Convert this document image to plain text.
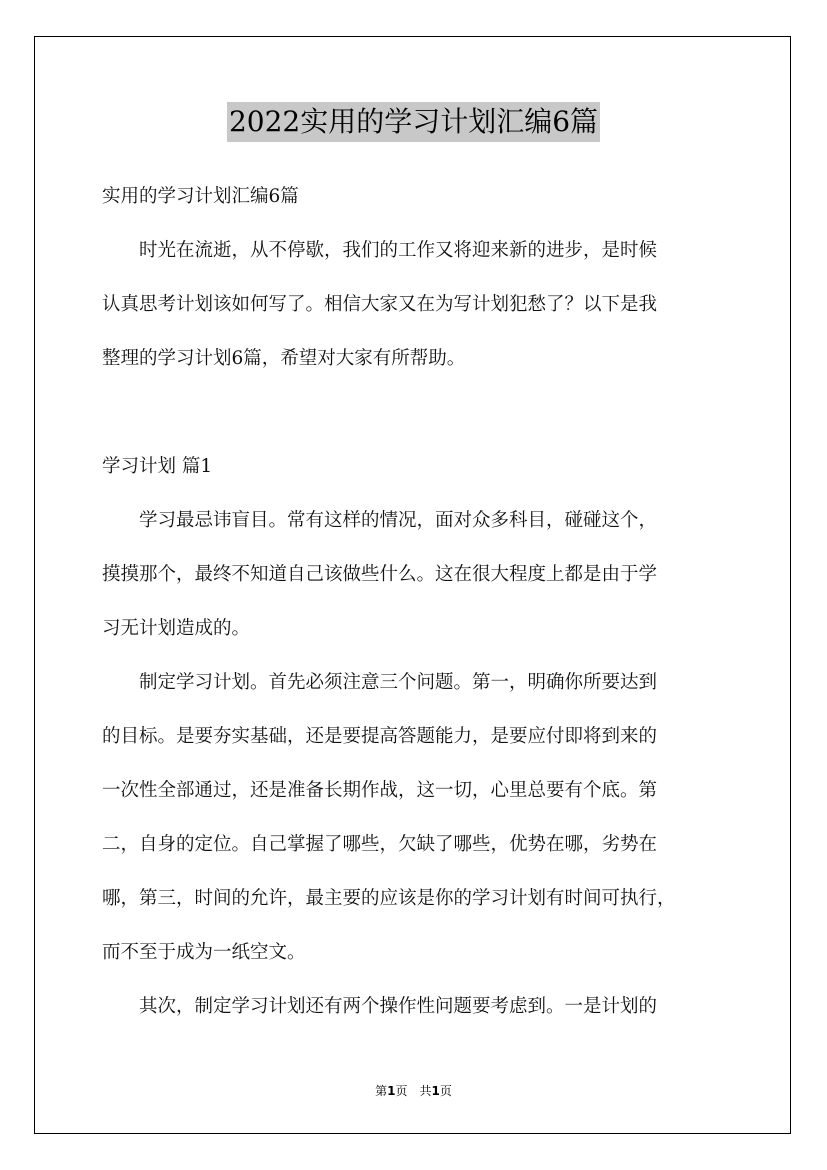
2022实用的学习计划汇编6篇
实用的学习计划汇编6篇
时光在流逝，从不停歇，我们的工作又将迎来新的进步，是时候
认真思考计划该如何写了。相信大家又在为写计划犯愁了？以下是我
整理的学习计划6篇，希望对大家有所帮助。
学习计划 篇1
学习最忌讳盲目。常有这样的情况，面对众多科目，碰碰这个，
摸摸那个，最终不知道自己该做些什么。这在很大程度上都是由于学
习无计划造成的。
制定学习计划。首先必须注意三个问题。第一，明确你所要达到
的目标。是要夯实基础，还是要提高答题能力，是要应付即将到来的
一次性全部通过，还是准备长期作战，这一切，心里总要有个底。第
二，自身的定位。自己掌握了哪些，欠缺了哪些，优势在哪，劣势在
哪，第三，时间的允许，最主要的应该是你的学习计划有时间可执行，
而不至于成为一纸空文。
其次，制定学习计划还有两个操作性问题要考虑到。一是计划的
第1页　共1页
